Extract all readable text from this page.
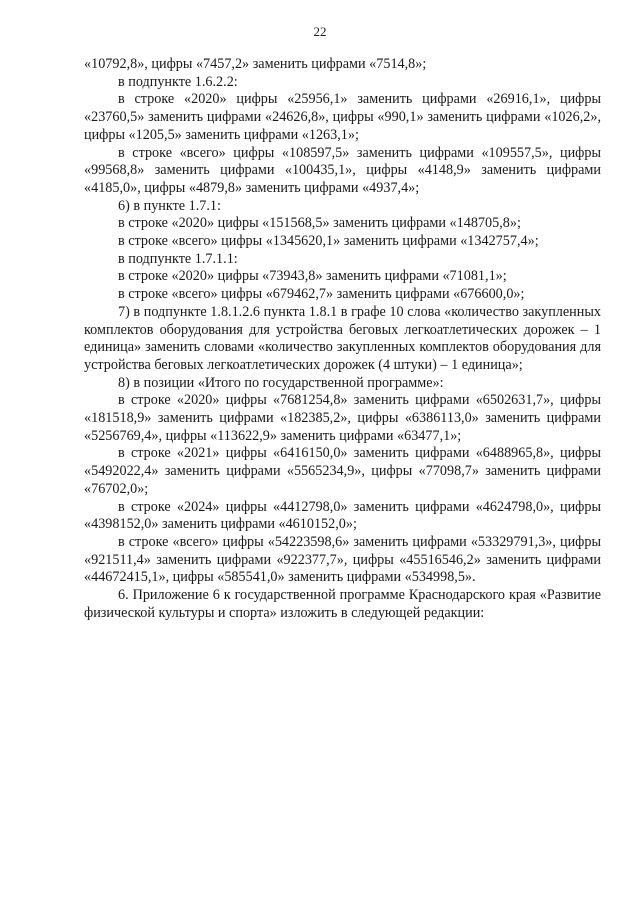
22

«10792,8», цифры «7457,2» заменить цифрами «7514,8»;

в подпункте 1.6.2.2:

в строке «2020» цифры «25956,1» заменить цифрами «26916,1», цифры «23760,5» заменить цифрами «24626,8», цифры «990,1» заменить цифрами «1026,2», цифры «1205,5» заменить цифрами «1263,1»;

в строке «всего» цифры «108597,5» заменить цифрами «109557,5», цифры «99568,8» заменить цифрами «100435,1», цифры «4148,9» заменить цифрами «4185,0», цифры «4879,8» заменить цифрами «4937,4»;

6) в пункте 1.7.1:

в строке «2020» цифры «151568,5» заменить цифрами «148705,8»;

в строке «всего» цифры «1345620,1» заменить цифрами «1342757,4»;

в подпункте 1.7.1.1:

в строке «2020» цифры «73943,8» заменить цифрами «71081,1»;

в строке «всего» цифры «679462,7» заменить цифрами «676600,0»;

7) в подпункте 1.8.1.2.6 пункта 1.8.1 в графе 10 слова «количество закупленных комплектов оборудования для устройства беговых легкоатлетических дорожек – 1 единица» заменить словами «количество закупленных комплектов оборудования для устройства беговых легкоатлетических дорожек (4 штуки) – 1 единица»;

8) в позиции «Итого по государственной программе»:

в строке «2020» цифры «7681254,8» заменить цифрами «6502631,7», цифры «181518,9» заменить цифрами «182385,2», цифры «6386113,0» заменить цифрами «5256769,4», цифры «113622,9» заменить цифрами «63477,1»;

в строке «2021» цифры «6416150,0» заменить цифрами «6488965,8», цифры «5492022,4» заменить цифрами «5565234,9», цифры «77098,7» заменить цифрами «76702,0»;

в строке «2024» цифры «4412798,0» заменить цифрами «4624798,0», цифры «4398152,0» заменить цифрами «4610152,0»;

в строке «всего» цифры «54223598,6» заменить цифрами «53329791,3», цифры «921511,4» заменить цифрами «922377,7», цифры «45516546,2» заменить цифрами «44672415,1», цифры «585541,0» заменить цифрами «534998,5».

6. Приложение 6 к государственной программе Краснодарского края «Развитие физической культуры и спорта» изложить в следующей редакции:
